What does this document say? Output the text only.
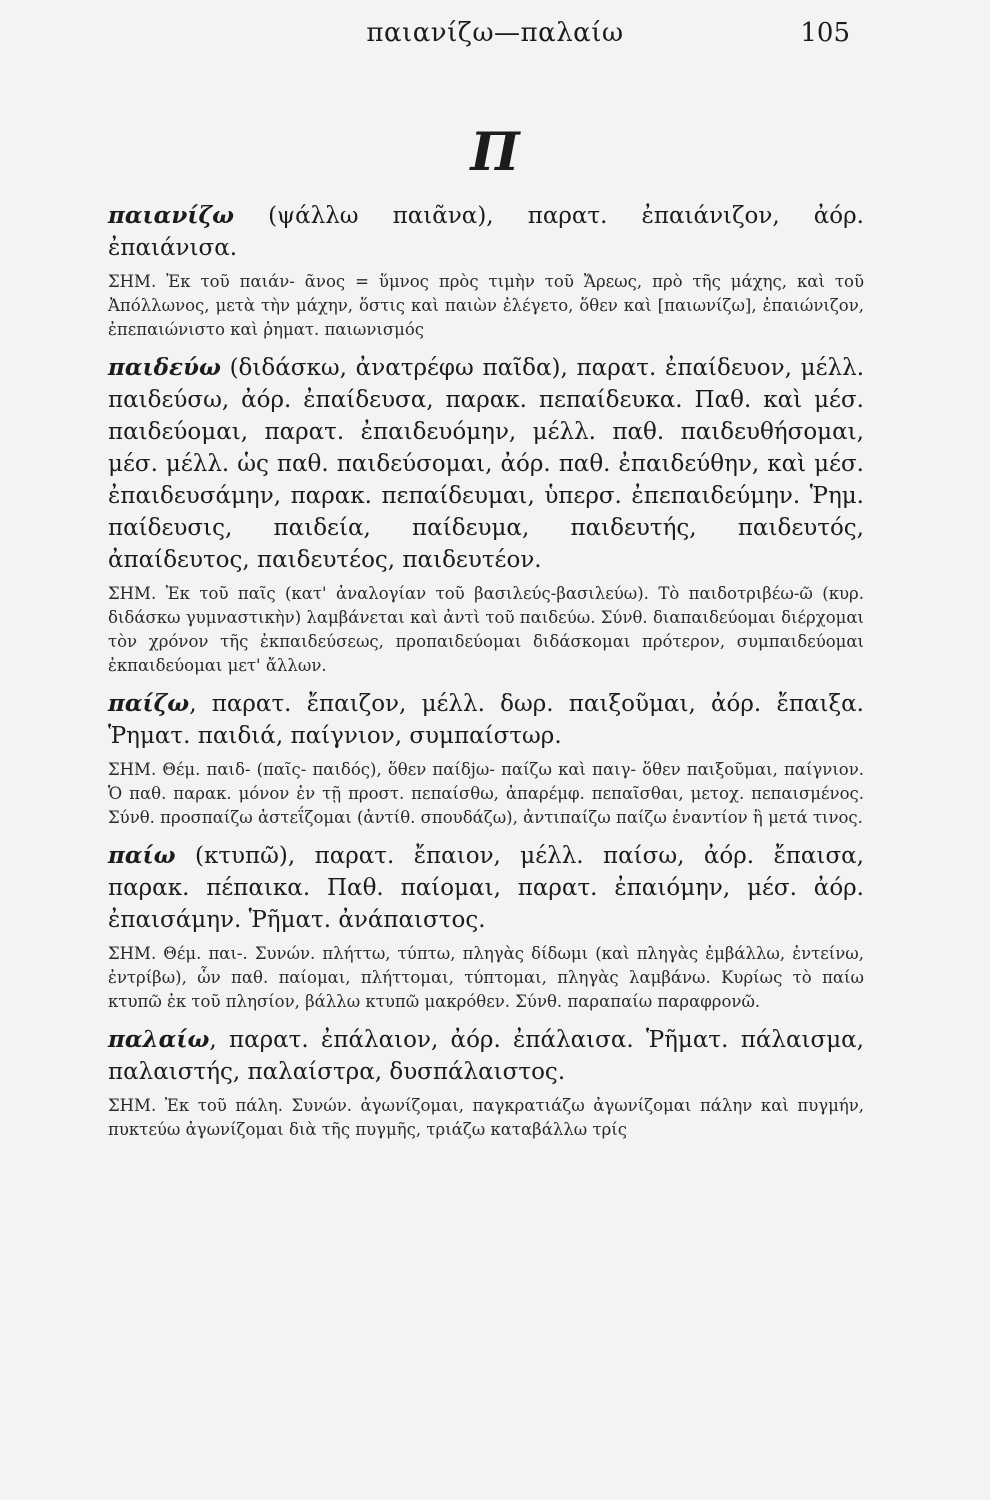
παιανίζω—παλαίω	105
Π
παιανίζω (ψάλλω παιᾶνα), παρατ. ἐπαιάνιζον, ἀόρ. ἐπαιάνισα.
ΣΗΜ. Ἐκ τοῦ παιάν- ᾶνος = ὕμνος πρὸς τιμὴν τοῦ Ἄρεως, πρὸ τῆς μάχης, καὶ τοῦ Ἀπόλλωνος, μετὰ τὴν μάχην, ὅστις καὶ παιὼν ἐλέγετο, ὅθεν καὶ [παιωνίζω], ἐπαιώνιζον, ἐπεπαιώνιστο καὶ ῥηματ. παιωνισμός
παιδεύω (διδάσκω, ἀνατρέφω παῖδα), παρατ. ἐπαίδευον, μέλλ. παιδεύσω, ἀόρ. ἐπαίδευσα, παρακ. πεπαίδευκα. Παθ. καὶ μέσ. παιδεύομαι, παρατ. ἐπαιδευόμην, μέλλ. παθ. παιδευθήσομαι, μέσ. μέλλ. ὡς παθ. παιδεύσομαι, ἀόρ. παθ. ἐπαιδεύθην, καὶ μέσ. ἐπαιδευσάμην, παρακ. πεπαίδευμαι, ὑπερσ. ἐπεπαιδεύμην. Ῥημ. παίδευσις, παιδεία, παίδευμα, παιδευτής, παιδευτός, ἀπαίδευτος, παιδευτέος, παιδευτέον.
ΣΗΜ. Ἐκ τοῦ παῖς (κατ' ἀναλογίαν τοῦ βασιλεύς-βασιλεύω). Τὸ παιδοτριβέω-ῶ (κυρ. διδάσκω γυμναστικὴν) λαμβάνεται καὶ ἀντὶ τοῦ παιδεύω. Σύνθ. διαπαιδεύομαι διέρχομαι τὸν χρόνον τῆς ἐκπαιδεύσεως, προπαιδεύομαι διδάσκομαι πρότερον, συμπαιδεύομαι ἐκπαιδεύομαι μετ' ἄλλων.
παίζω, παρατ. ἔπαιζον, μέλλ. δωρ. παιξοῦμαι, ἀόρ. ἔπαιξα. Ῥηματ. παιδιά, παίγνιον, συμπαίστωρ.
ΣΗΜ. Θέμ. παιδ- (παῖς- παιδός), ὅθεν παίδjω- παίζω καὶ παιγ- ὅθεν παιξοῦμαι, παίγνιον. Ὁ παθ. παρακ. μόνον ἐν τῇ προστ. πεπαίσθω, ἀπαρέμφ. πεπαῖσθαι, μετοχ. πεπαισμένος. Σύνθ. προσπαίζω ἀστεΐζομαι (ἀντίθ. σπουδάζω), ἀντιπαίζω παίζω ἐναντίον ἢ μετά τινος.
παίω (κτυπῶ), παρατ. ἔπαιον, μέλλ. παίσω, ἀόρ. ἔπαισα, παρακ. πέπαικα. Παθ. παίομαι, παρατ. ἐπαιόμην, μέσ. ἀόρ. ἐπαισάμην. Ῥῆματ. ἀνάπαιστος.
ΣΗΜ. Θέμ. παι-. Συνών. πλήττω, τύπτω, πληγὰς δίδωμι (καὶ πληγὰς ἐμβάλλω, ἐντείνω, ἐντρίβω), ὧν παθ. παίομαι, πλήττομαι, τύπτομαι, πληγὰς λαμβάνω. Κυρίως τὸ παίω κτυπῶ ἐκ τοῦ πλησίον, βάλλω κτυπῶ μακρόθεν. Σύνθ. παραπαίω παραφρονῶ.
παλαίω, παρατ. ἐπάλαιον, ἀόρ. ἐπάλαισα. Ῥῆματ. πάλαισμα, παλαιστής, παλαίστρα, δυσπάλαιστος.
ΣΗΜ. Ἐκ τοῦ πάλη. Συνών. ἀγωνίζομαι, παγκρατιάζω ἀγωνίζομαι πάλην καὶ πυγμήν, πυκτεύω ἀγωνίζομαι διὰ τῆς πυγμῆς, τριάζω καταβάλλω τρίς
